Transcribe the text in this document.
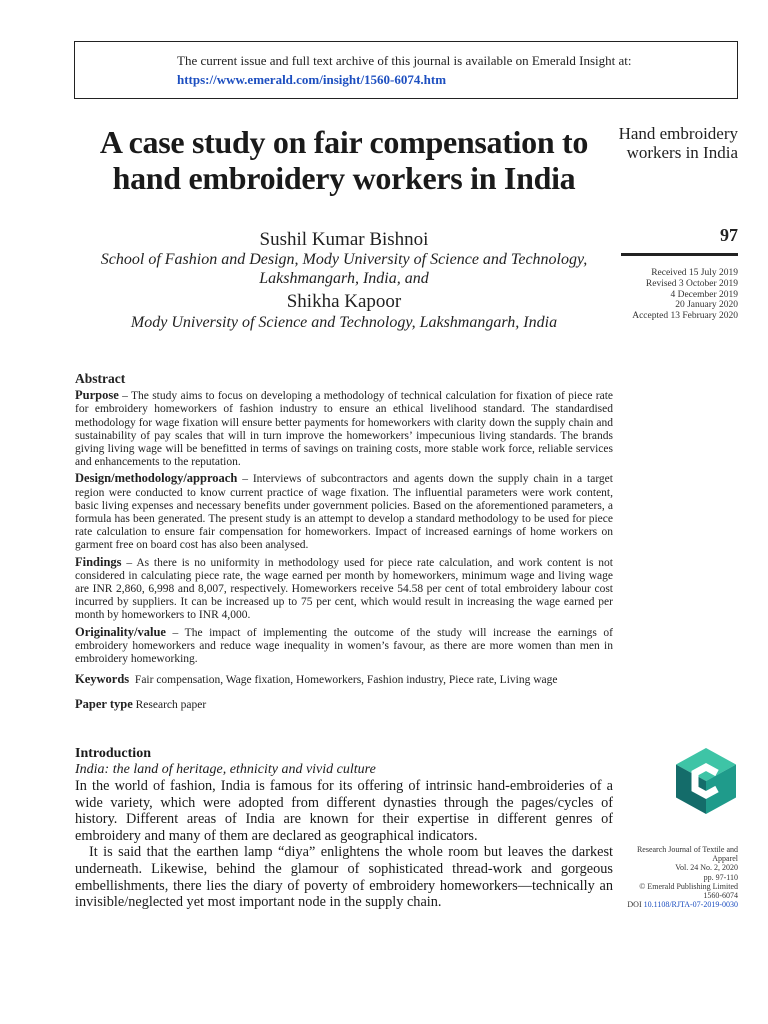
The current issue and full text archive of this journal is available on Emerald Insight at:
https://www.emerald.com/insight/1560-6074.htm
A case study on fair compensation to hand embroidery workers in India
Sushil Kumar Bishnoi
School of Fashion and Design, Mody University of Science and Technology, Lakshmangarh, India, and
Shikha Kapoor
Mody University of Science and Technology, Lakshmangarh, India
Hand embroidery workers in India
97
Received 15 July 2019
Revised 3 October 2019
4 December 2019
20 January 2020
Accepted 13 February 2020
Abstract

Purpose – The study aims to focus on developing a methodology of technical calculation for fixation of piece rate for embroidery homeworkers of fashion industry to ensure an ethical livelihood standard. The standardised methodology for wage fixation will ensure better payments for homeworkers with clarity down the supply chain and sustainability of pay scales that will in turn improve the homeworkers’ impecunious living standards. The brands giving living wage will be benefitted in terms of savings on training costs, more stable work force, reliable services and enhancements to the reputation.

Design/methodology/approach – Interviews of subcontractors and agents down the supply chain in a target region were conducted to know current practice of wage fixation. The influential parameters were work content, basic living expenses and necessary benefits under government policies. Based on the aforementioned parameters, a formula has been generated. The present study is an attempt to develop a standard methodology to be used for piece rate calculation to ensure fair compensation for homeworkers. Impact of increased earnings of home workers on garment free on board cost has also been analysed.

Findings – As there is no uniformity in methodology used for piece rate calculation, and work content is not considered in calculating piece rate, the wage earned per month by homeworkers, minimum wage and living wage are INR 2,860, 6,998 and 8,007, respectively. Homeworkers receive 54.58 per cent of total embroidery labour cost incurred by suppliers. It can be increased up to 75 per cent, which would result in increasing the wage earned per month by homeworkers to INR 4,000.

Originality/value – The impact of implementing the outcome of the study will increase the earnings of embroidery homeworkers and reduce wage inequality in women’s favour, as there are more women than men in embroidery homeworking.

Keywords Fair compensation, Wage fixation, Homeworkers, Fashion industry, Piece rate, Living wage

Paper type Research paper

Introduction
India: the land of heritage, ethnicity and vivid culture

In the world of fashion, India is famous for its offering of intrinsic hand-embroideries of a wide variety, which were adopted from different dynasties through the pages/cycles of history. Different areas of India are known for their expertise in different genres of embroidery and many of them are declared as geographical indicators.

It is said that the earthen lamp “diya” enlightens the whole room but leaves the darkest underneath. Likewise, behind the glamour of sophisticated thread-work and gorgeous embellishments, there lies the diary of poverty of embroidery homeworkers—technically an invisible/neglected yet most important node in the supply chain.

Research Journal of Textile and Apparel
Vol. 24 No. 2, 2020
pp. 97-110
© Emerald Publishing Limited
1560-6074
DOI 10.1108/RJTA-07-2019-0030
